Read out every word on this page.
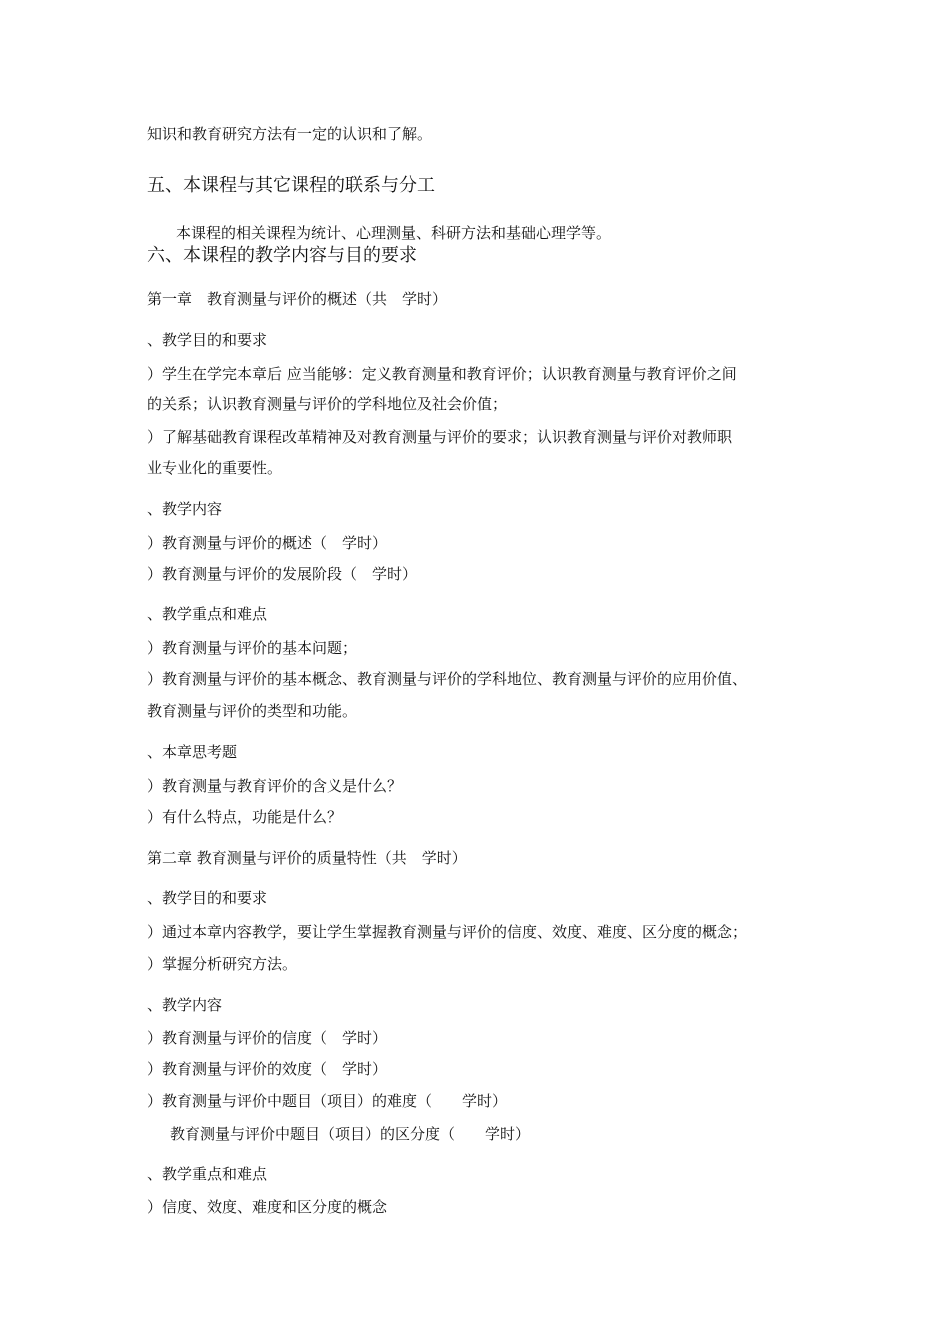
知识和教育研究方法有一定的认识和了解。
五、本课程与其它课程的联系与分工
本课程的相关课程为统计、心理测量、科研方法和基础心理学等。
六、本课程的教学内容与目的要求
第一章　教育测量与评价的概述（共　学时）
、教学目的和要求
）学生在学完本章后 应当能够：定义教育测量和教育评价；认识教育测量与教育评价之间
的关系；认识教育测量与评价的学科地位及社会价值；
）了解基础教育课程改革精神及对教育测量与评价的要求；认识教育测量与评价对教师职
业专业化的重要性。
、教学内容
）教育测量与评价的概述（　学时）
）教育测量与评价的发展阶段（　学时）
、教学重点和难点
）教育测量与评价的基本问题；
）教育测量与评价的基本概念、教育测量与评价的学科地位、教育测量与评价的应用价值、
教育测量与评价的类型和功能。
、本章思考题
）教育测量与教育评价的含义是什么？
）有什么特点，功能是什么？
第二章 教育测量与评价的质量特性（共　学时）
、教学目的和要求
）通过本章内容教学，要让学生掌握教育测量与评价的信度、效度、难度、区分度的概念；
）掌握分析研究方法。
、教学内容
）教育测量与评价的信度（　学时）
）教育测量与评价的效度（　学时）
）教育测量与评价中题目（项目）的难度（　　学时）
教育测量与评价中题目（项目）的区分度（　　学时）
、教学重点和难点
）信度、效度、难度和区分度的概念
